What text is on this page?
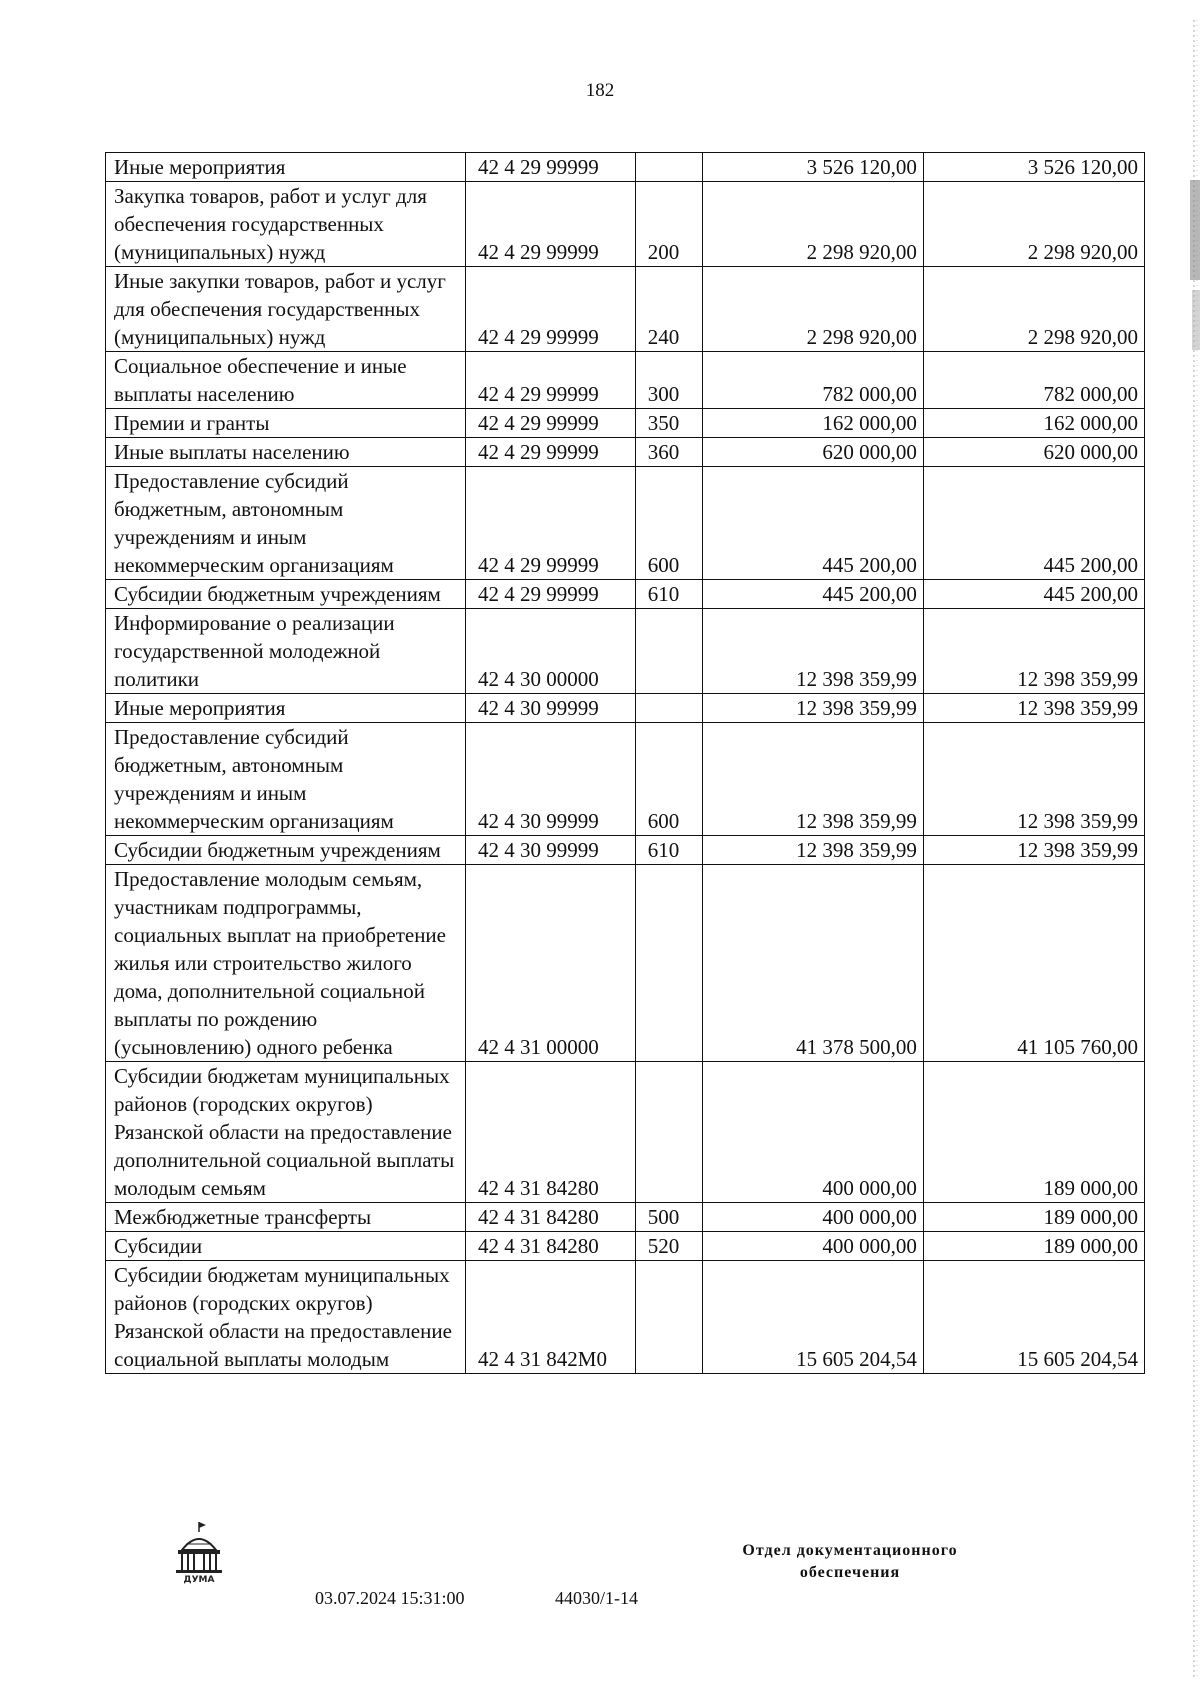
182
Иные мероприятия	42 4 29 99999		3 526 120,00	3 526 120,00
Закупка товаров, работ и услуг для обеспечения государственных (муниципальных) нужд	42 4 29 99999	200	2 298 920,00	2 298 920,00
Иные закупки товаров, работ и услуг для обеспечения государственных (муниципальных) нужд	42 4 29 99999	240	2 298 920,00	2 298 920,00
Социальное обеспечение и иные выплаты населению	42 4 29 99999	300	782 000,00	782 000,00
Премии и гранты	42 4 29 99999	350	162 000,00	162 000,00
Иные выплаты населению	42 4 29 99999	360	620 000,00	620 000,00
Предоставление субсидий бюджетным, автономным учреждениям и иным некоммерческим организациям	42 4 29 99999	600	445 200,00	445 200,00
Субсидии бюджетным учреждениям	42 4 29 99999	610	445 200,00	445 200,00
Информирование о реализации государственной молодежной политики	42 4 30 00000		12 398 359,99	12 398 359,99
Иные мероприятия	42 4 30 99999		12 398 359,99	12 398 359,99
Предоставление субсидий бюджетным, автономным учреждениям и иным некоммерческим организациям	42 4 30 99999	600	12 398 359,99	12 398 359,99
Субсидии бюджетным учреждениям	42 4 30 99999	610	12 398 359,99	12 398 359,99
Предоставление молодым семьям, участникам подпрограммы, социальных выплат на приобретение жилья или строительство жилого дома, дополнительной социальной выплаты по рождению (усыновлению) одного ребенка	42 4 31 00000		41 378 500,00	41 105 760,00
Субсидии бюджетам муниципальных районов (городских округов) Рязанской области на предоставление дополнительной социальной выплаты молодым семьям	42 4 31 84280		400 000,00	189 000,00
Межбюджетные трансферты	42 4 31 84280	500	400 000,00	189 000,00
Субсидии	42 4 31 84280	520	400 000,00	189 000,00
Субсидии бюджетам муниципальных районов (городских округов) Рязанской области на предоставление социальной выплаты молодым	42 4 31 842М0		15 605 204,54	15 605 204,54
ДУМА
03.07.2024 15:31:00	44030/1-14
Отдел документационного
обеспечения
